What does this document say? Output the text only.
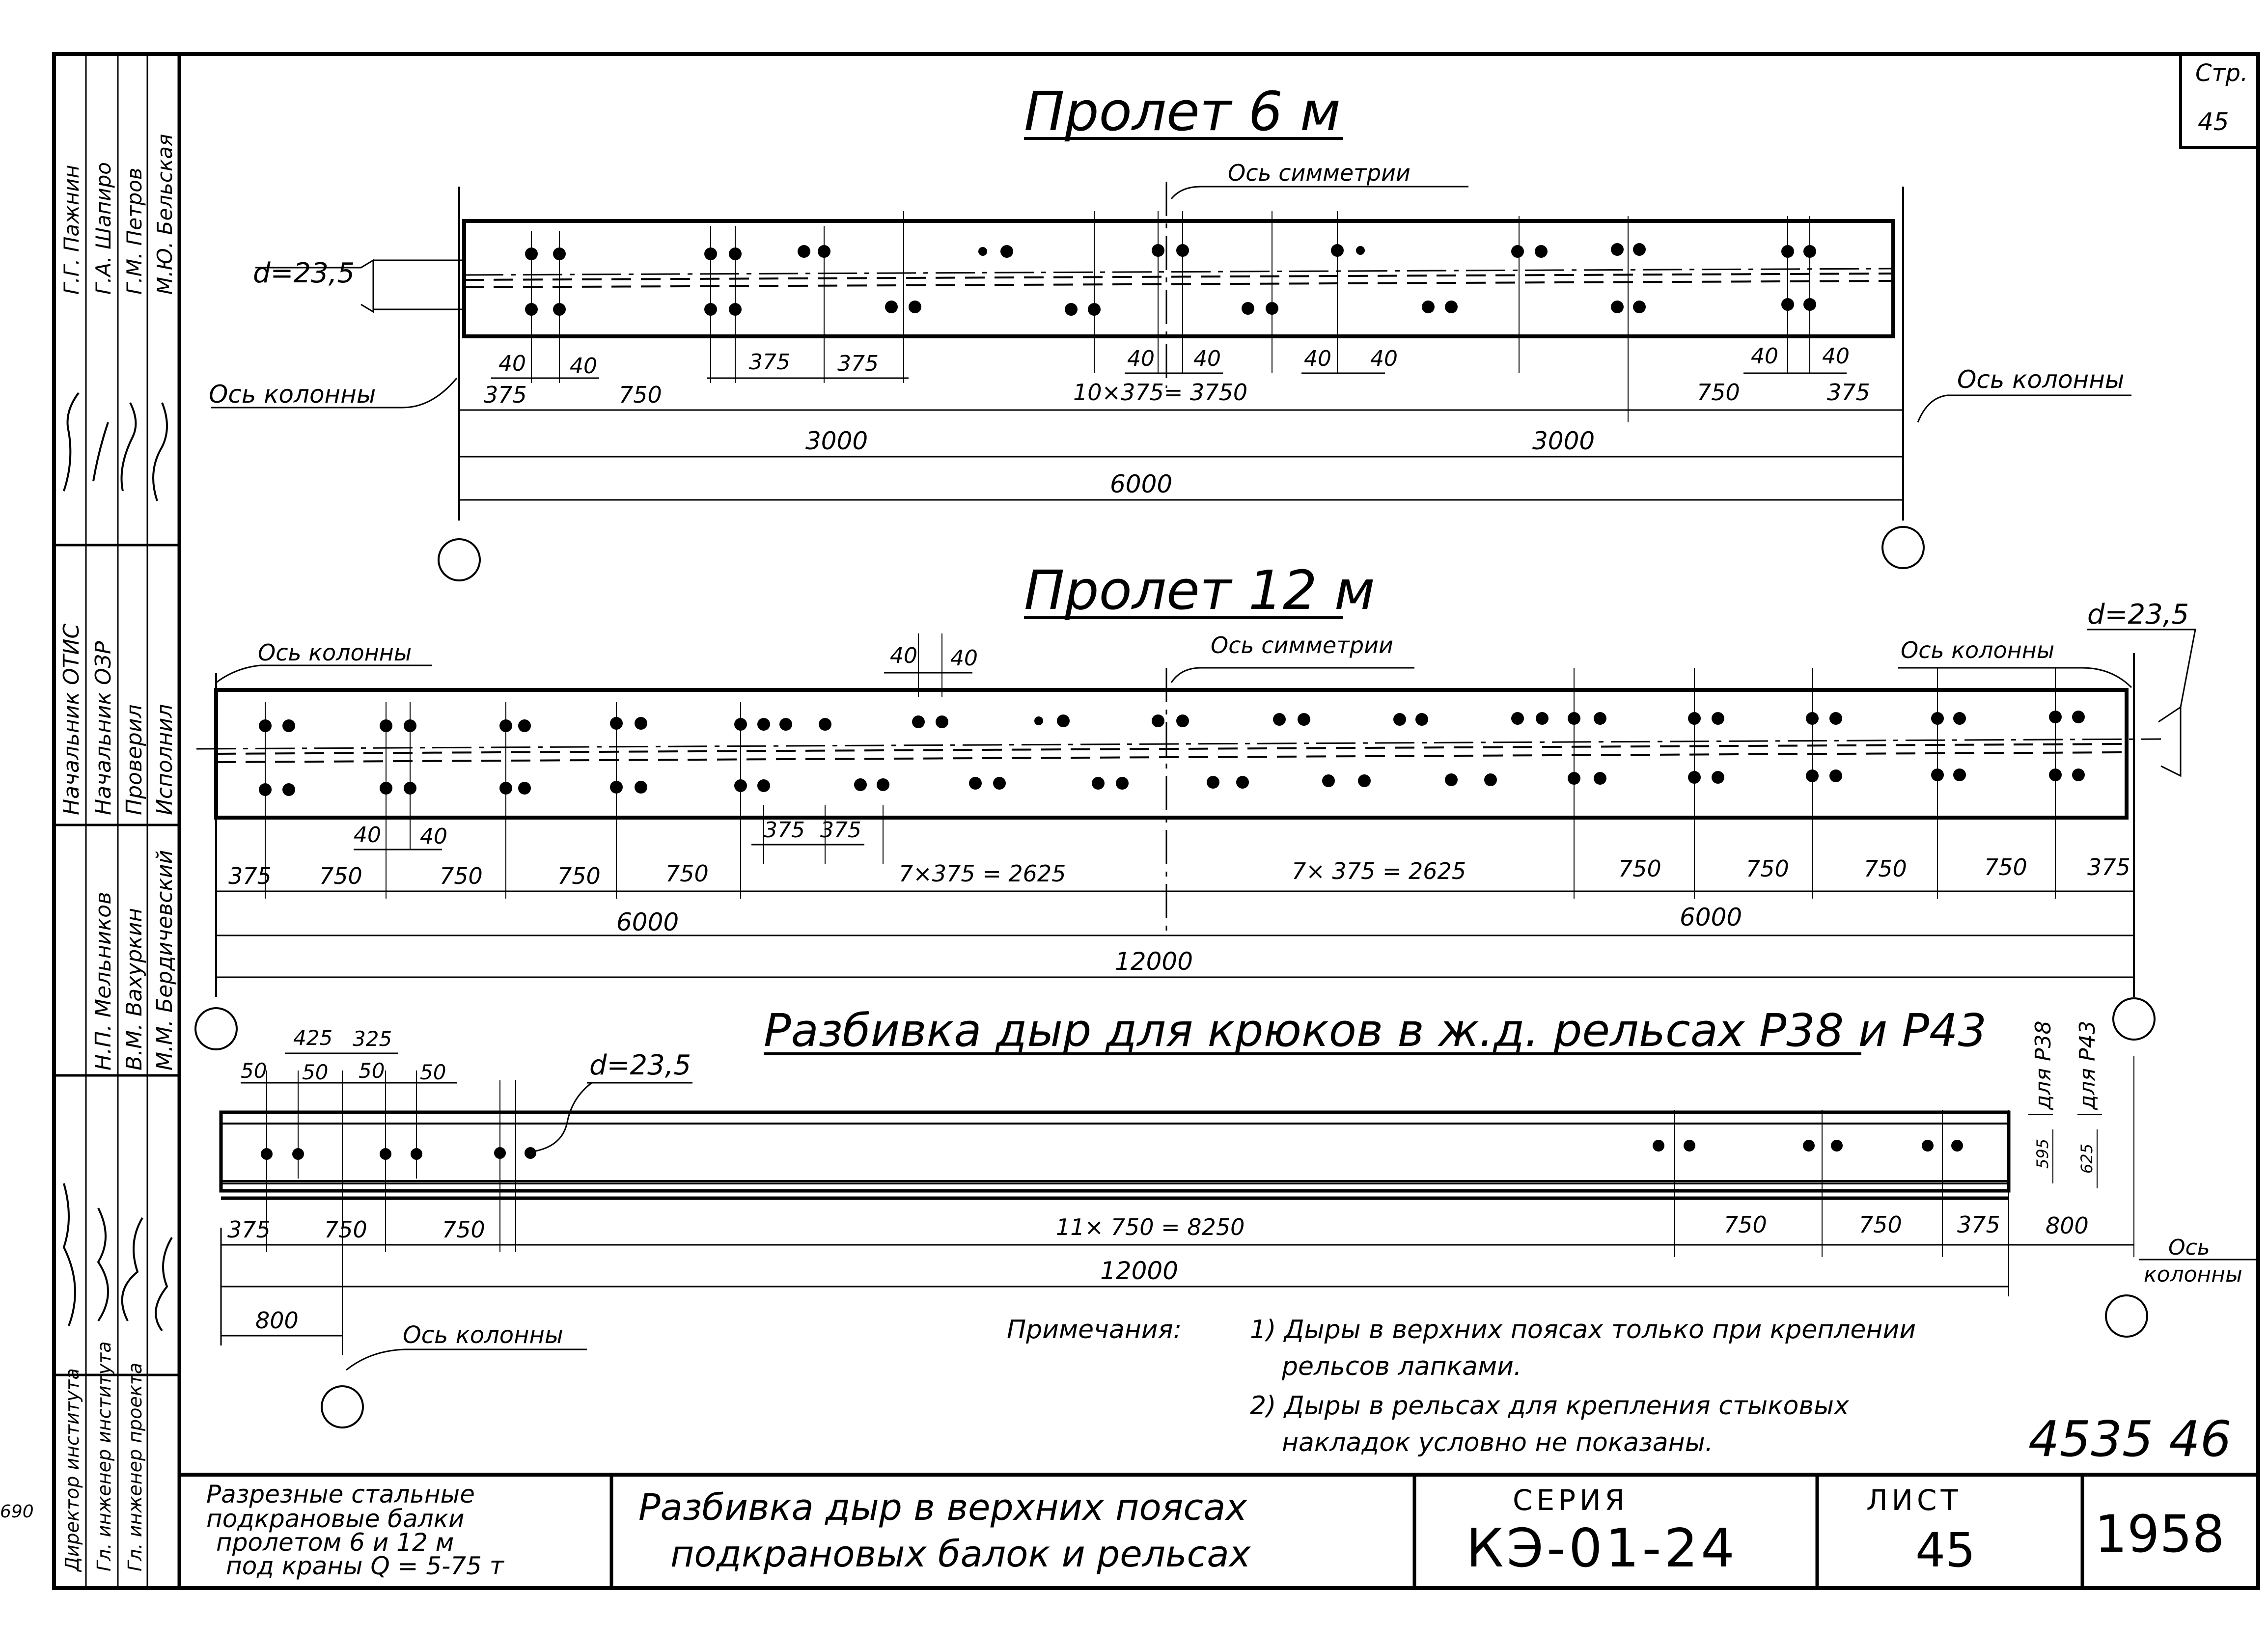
Стр.
45
Начальник ОТИС Начальник ОЗР Проверил Исполнил
Г.Г. Пажнин Г.А. Шапиро Г.М. Петров М.Ю. Бельская
Директор института Гл. инженер института Гл. инженер проекта
Н.П. Мельников В.М. Вахуркин М.М. Бердичевский
690
Пролет 6 м
Ось симметрии
d=23,5
Ось колонны
Ось колонны
40 40	375 375	40 40	40 40	40 40
375	750	10×375= 3750	750	375
3000	3000
6000
Пролет 12 м
Ось симметрии
Ось колонны	Ось колонны
d=23,5
40 40
40 40	375 375
375 750	750	750	750	7×375 = 2625	7× 375 = 2625	750	750	750	750	375
6000	6000
12000
Разбивка дыр для крюков в ж.д. рельсах Р38 и Р43
425 325
50 50 50 50	d=23,5	для Р38 для Р43
595 625
375 750	750	11× 750 = 8250	750	750 375 800
12000
800
Ось колонны
Ось
колонны
Примечания:	1) Дыры в верхних поясах только при креплении
рельсов лапками.
2) Дыры в рельсах для крепления стыковых
накладок условно не показаны.	4535 46
Разрезные стальные
подкрановые балки
пролетом 6 и 12 м
под краны Q = 5-75 т
Разбивка дыр в верхних поясах
подкрановых балок и рельсах
СЕРИЯ
КЭ-01-24
ЛИСТ
45 1958
